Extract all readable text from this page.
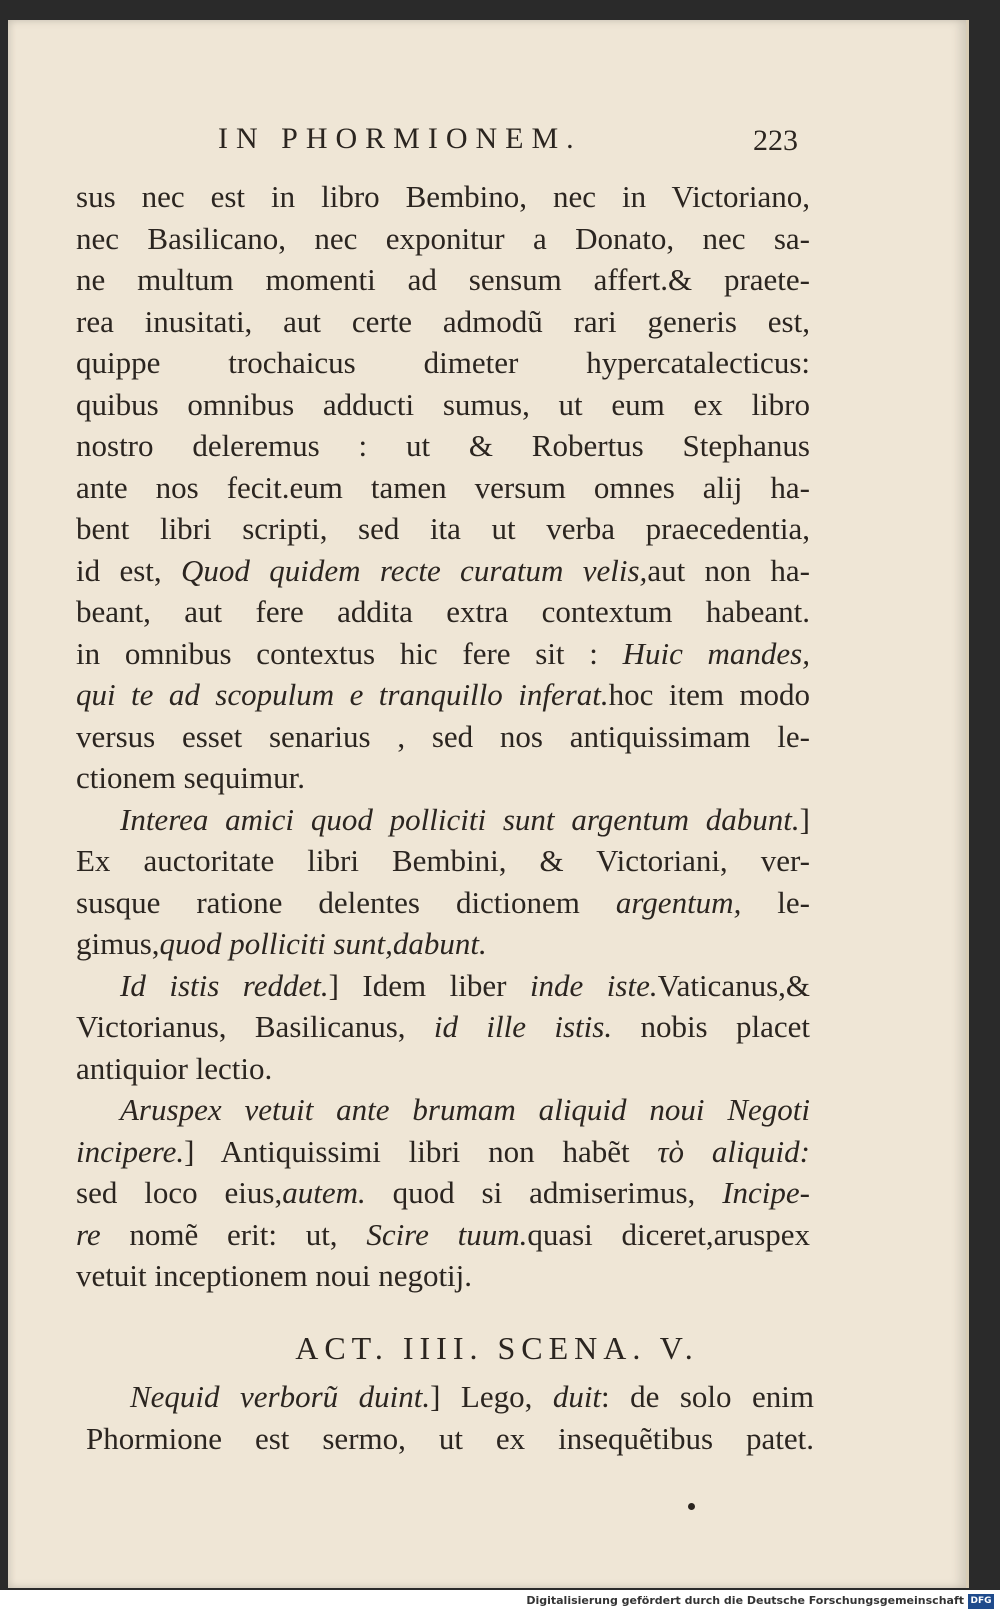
IN PHORMIONEM.	223
sus nec est in libro Bembino, nec in Victoriano,
nec Basilicano, nec exponitur a Donato, nec sa-
ne multum momenti ad sensum affert.& praete-
rea inusitati, aut certe admodũ rari generis est,
quippe trochaicus dimeter hypercatalecticus:
quibus omnibus adducti sumus, ut eum ex libro
nostro deleremus : ut & Robertus Stephanus
ante nos fecit.eum tamen versum omnes alij ha-
bent libri scripti, sed ita ut verba praecedentia,
id est, Quod quidem recte curatum velis,aut non ha-
beant, aut fere addita extra contextum habeant.
in omnibus contextus hic fere sit : Huic mandes,
qui te ad scopulum e tranquillo inferat.hoc item modo
versus esset senarius , sed nos antiquissimam le-
ctionem sequimur.
Interea amici quod polliciti sunt argentum dabunt.]
Ex auctoritate libri Bembini, & Victoriani, ver-
susque ratione delentes dictionem argentum, le-
gimus,quod polliciti sunt,dabunt.
Id istis reddet.] Idem liber inde iste.Vaticanus,&
Victorianus, Basilicanus, id ille istis. nobis placet
antiquior lectio.
Aruspex vetuit ante brumam aliquid noui Negoti
incipere.] Antiquissimi libri non habẽt τὸ aliquid:
sed loco eius,autem. quod si admiserimus, Incipe-
re nomẽ erit: ut, Scire tuum.quasi diceret,aruspex
vetuit inceptionem noui negotij.
ACT. IIII. SCENA. V.
Nequid verborũ duint.] Lego, duit: de solo enim
Phormione est sermo, ut ex insequẽtibus patet.
Digitalisierung gefördert durch die Deutsche Forschungsgemeinschaft DFG
